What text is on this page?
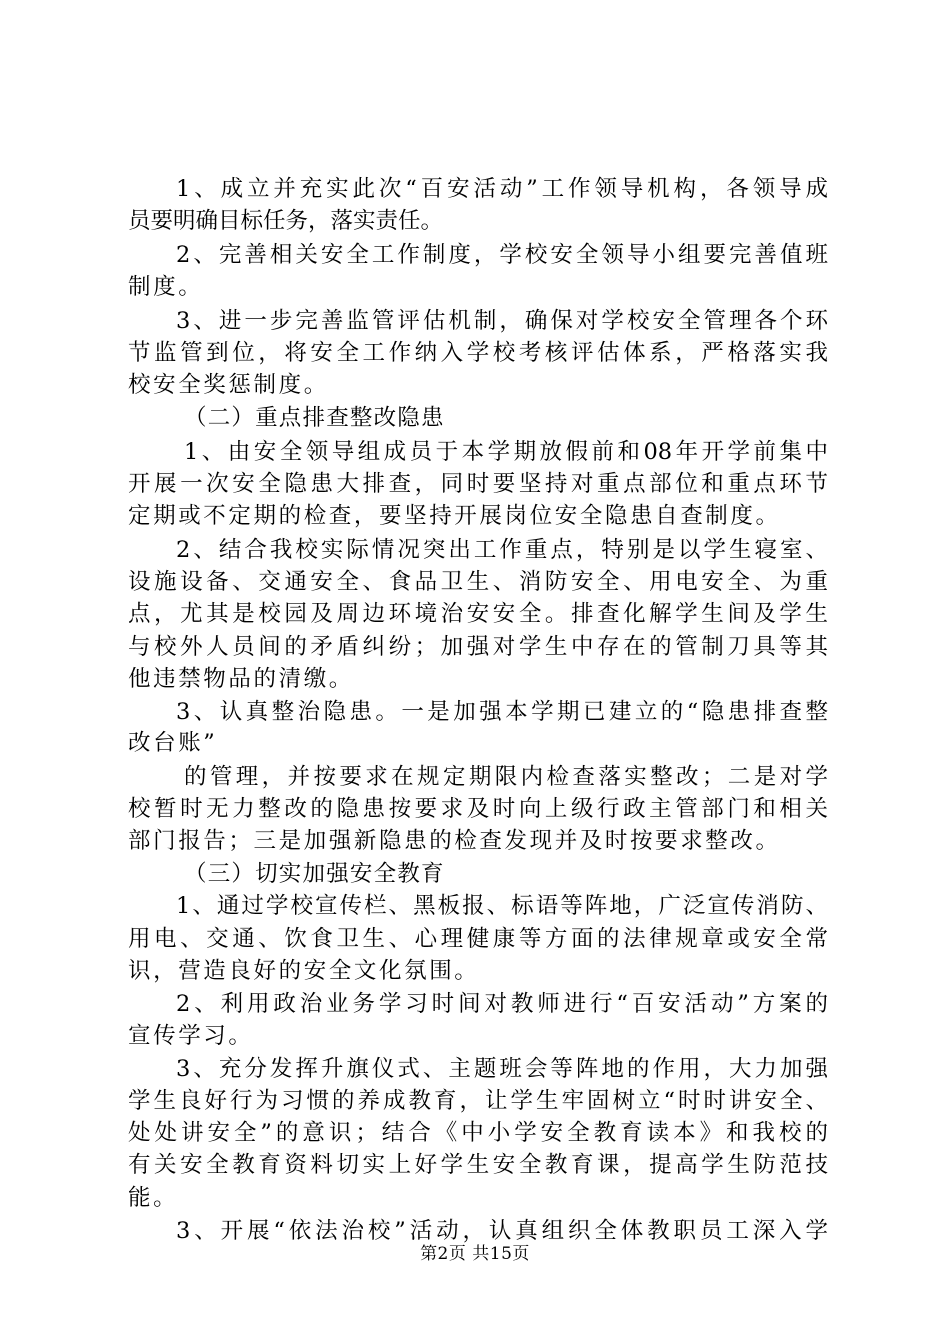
1、成立并充实此次“百安活动”工作领导机构，各领导成
员要明确目标任务，落实责任。
2、完善相关安全工作制度，学校安全领导小组要完善值班
制度。
3、进一步完善监管评估机制，确保对学校安全管理各个环
节监管到位，将安全工作纳入学校考核评估体系，严格落实我
校安全奖惩制度。
（二）重点排查整改隐患
1、由安全领导组成员于本学期放假前和08年开学前集中
开展一次安全隐患大排查，同时要坚持对重点部位和重点环节
定期或不定期的检查，要坚持开展岗位安全隐患自查制度。
2、结合我校实际情况突出工作重点，特别是以学生寝室、
设施设备、交通安全、食品卫生、消防安全、用电安全、为重
点，尤其是校园及周边环境治安安全。排查化解学生间及学生
与校外人员间的矛盾纠纷；加强对学生中存在的管制刀具等其
他违禁物品的清缴。
3、认真整治隐患。一是加强本学期已建立的“隐患排查整
改台账”
的管理，并按要求在规定期限内检查落实整改；二是对学
校暂时无力整改的隐患按要求及时向上级行政主管部门和相关
部门报告；三是加强新隐患的检查发现并及时按要求整改。
（三）切实加强安全教育
1、通过学校宣传栏、黑板报、标语等阵地，广泛宣传消防、
用电、交通、饮食卫生、心理健康等方面的法律规章或安全常
识，营造良好的安全文化氛围。
2、利用政治业务学习时间对教师进行“百安活动”方案的
宣传学习。
3、充分发挥升旗仪式、主题班会等阵地的作用，大力加强
学生良好行为习惯的养成教育，让学生牢固树立“时时讲安全、
处处讲安全”的意识；结合《中小学安全教育读本》和我校的
有关安全教育资料切实上好学生安全教育课，提高学生防范技
能。
3、开展“依法治校”活动，认真组织全体教职员工深入学
第2页 共15页
